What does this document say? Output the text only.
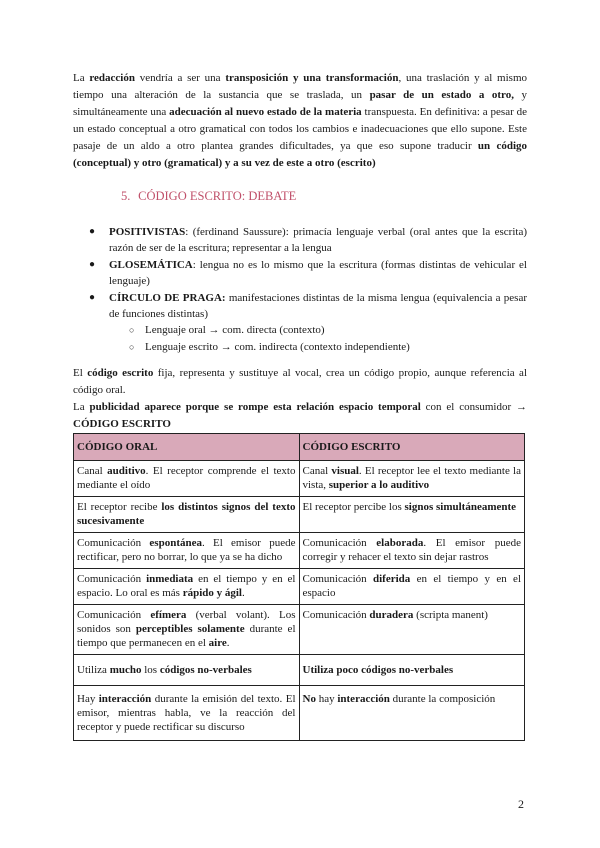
La redacción vendría a ser una transposición y una transformación, una traslación y al mismo tiempo una alteración de la sustancia que se traslada, un pasar de un estado a otro, y simultáneamente una adecuación al nuevo estado de la materia transpuesta. En definitiva: a pesar de un estado conceptual a otro gramatical con todos los cambios e inadecuaciones que ello supone. Este pasaje de un aldo a otro plantea grandes dificultades, ya que eso supone traducir un código (conceptual) y otro (gramatical) y a su vez de este a otro (escrito)

5. CÓDIGO ESCRITO: DEBATE
● POSITIVISTAS: (ferdinand Saussure): primacía lenguaje verbal (oral antes que la escrita) razón de ser de la escritura; representar a la lengua
● GLOSEMÁTICA: lengua no es lo mismo que la escritura (formas distintas de vehicular el lenguaje)
● CÍRCULO DE PRAGA: manifestaciones distintas de la misma lengua (equivalencia a pesar de funciones distintas)
○ Lenguaje oral → com. directa (contexto)
○ Lenguaje escrito → com. indirecta (contexto independiente)

El código escrito fija, representa y sustituye al vocal, crea un código propio, aunque referencia al código oral.

La publicidad aparece porque se rompe esta relación espacio temporal con el consumidor → CÓDIGO ESCRITO

CÓDIGO ORAL	CÓDIGO ESCRITO
Canal auditivo. El receptor comprende el texto mediante el oído	Canal visual. El receptor lee el texto mediante la vista, superior a lo auditivo
El receptor recibe los distintos signos del texto sucesivamente	El receptor percibe los signos simultáneamente
Comunicación espontánea. El emisor puede rectificar, pero no borrar, lo que ya se ha dicho	Comunicación elaborada. El emisor puede corregir y rehacer el texto sin dejar rastros
Comunicación inmediata en el tiempo y en el espacio. Lo oral es más rápido y ágil.	Comunicación diferida en el tiempo y en el espacio
Comunicación efímera (verbal volant). Los sonidos son perceptibles solamente durante el tiempo que permanecen en el aire.	Comunicación duradera (scripta manent)
Utiliza mucho los códigos no-verbales	Utiliza poco códigos no-verbales
Hay interacción durante la emisión del texto. El emisor, mientras habla, ve la reacción del receptor y puede rectificar su discurso	No hay interacción durante la composición
2
